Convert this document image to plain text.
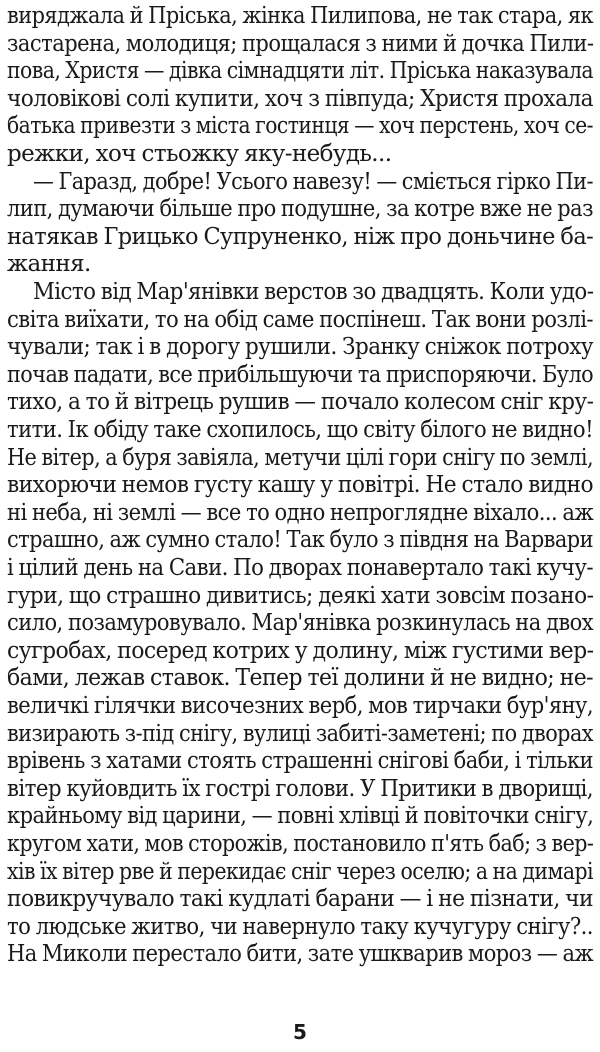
виряджала й Пріська, жінка Пилипова, не так стара, як
застарена, молодиця; прощалася з ними й дочка Пили-
пова, Христя — дівка сімнадцяти літ. Пріська наказувала
чоловікові солі купити, хоч з півпуда; Христя прохала
батька привезти з міста гостинця — хоч перстень, хоч се-
режки, хоч стьожку яку-небудь...
— Гаразд, добре! Усього навезу! — сміється гірко Пи-
лип, думаючи більше про подушне, за котре вже не раз
натякав Грицько Супруненко, ніж про доньчине ба-
жання.
Місто від Мар'янівки верстов зо двадцять. Коли удо-
світа виїхати, то на обід саме поспінеш. Так вони розлі-
чували; так і в дорогу рушили. Зранку сніжок потроху
почав падати, все прибільшуючи та приспоряючи. Було
тихо, а то й вітрець рушив — почало колесом сніг кру-
тити. Ік обіду таке схопилось, що світу білого не видно!
Не вітер, а буря завіяла, метучи цілі гори снігу по землі,
вихорючи немов густу кашу у повітрі. Не стало видно
ні неба, ні землі — все то одно непроглядне віхало... аж
страшно, аж сумно стало! Так було з півдня на Варвари
і цілий день на Сави. По дворах понавертало такі кучу-
гури, що страшно дивитись; деякі хати зовсім позано-
сило, позамуровувало. Мар'янівка розкинулась на двох
сугробах, посеред котрих у долину, між густими вер-
бами, лежав ставок. Тепер теї долини й не видно; не-
величкі гілячки височезних верб, мов тирчаки бур'яну,
визирають з-під снігу, вулиці забиті-заметені; по дворах
врівень з хатами стоять страшенні снігові баби, і тільки
вітер куйовдить їх гострі голови. У Притики в дворищі,
крайньому від царини, — повні хлівці й повіточки снігу,
кругом хати, мов сторожів, постановило п'ять баб; з вер-
хів їх вітер рве й перекидає сніг через оселю; а на димарі
повикручувало такі кудлаті барани — і не пізнати, чи
то людське житво, чи навернуло таку кучугуру снігу?..
На Миколи перестало бити, зате ушкварив мороз — аж
5
